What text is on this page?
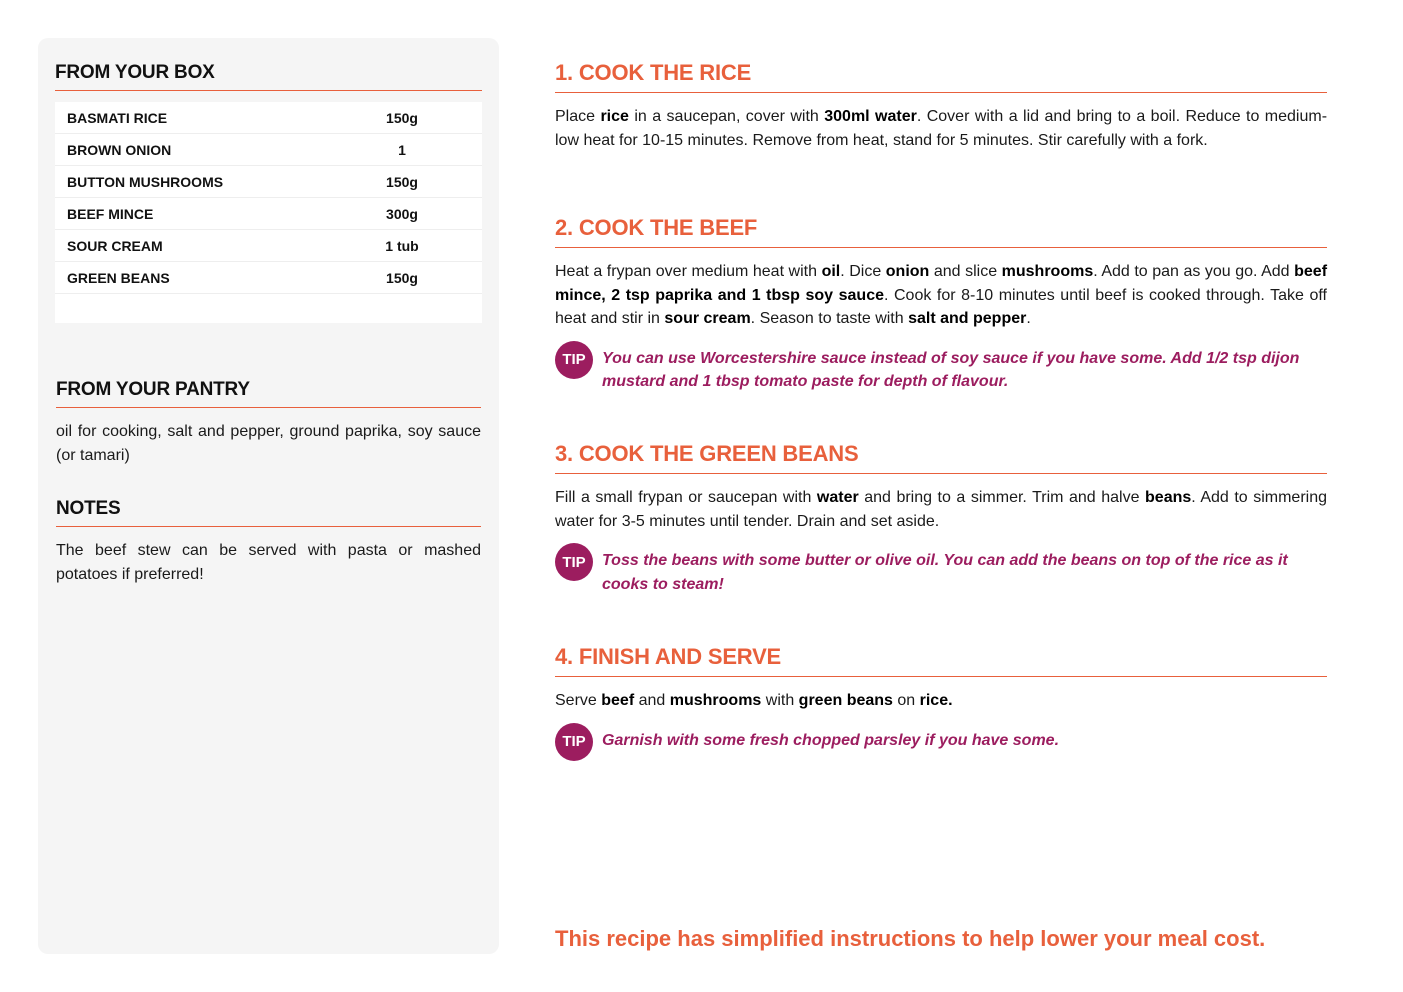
FROM YOUR BOX
BASMATI RICE	150g
BROWN ONION	1
BUTTON MUSHROOMS	150g
BEEF MINCE	300g
SOUR CREAM	1 tub
GREEN BEANS	150g
FROM YOUR PANTRY

oil for cooking, salt and pepper, ground paprika, soy sauce (or tamari)

NOTES

The beef stew can be served with pasta or mashed potatoes if preferred!

1. COOK THE RICE

Place rice in a saucepan, cover with 300ml water. Cover with a lid and bring to a boil. Reduce to medium-low heat for 10-15 minutes. Remove from heat, stand for 5 minutes. Stir carefully with a fork.

2. COOK THE BEEF

Heat a frypan over medium heat with oil. Dice onion and slice mushrooms. Add to pan as you go. Add beef mince, 2 tsp paprika and 1 tbsp soy sauce. Cook for 8-10 minutes until beef is cooked through. Take off heat and stir in sour cream. Season to taste with salt and pepper.

TIP	You can use Worcestershire sauce instead of soy sauce if you have some. Add 1/2 tsp dijon mustard and 1 tbsp tomato paste for depth of flavour.
3. COOK THE GREEN BEANS

Fill a small frypan or saucepan with water and bring to a simmer. Trim and halve beans. Add to simmering water for 3-5 minutes until tender. Drain and set aside.

TIP	Toss the beans with some butter or olive oil. You can add the beans on top of the rice as it cooks to steam!
4. FINISH AND SERVE

Serve beef and mushrooms with green beans on rice.

TIP	Garnish with some fresh chopped parsley if you have some.
This recipe has simplified instructions to help lower your meal cost.
